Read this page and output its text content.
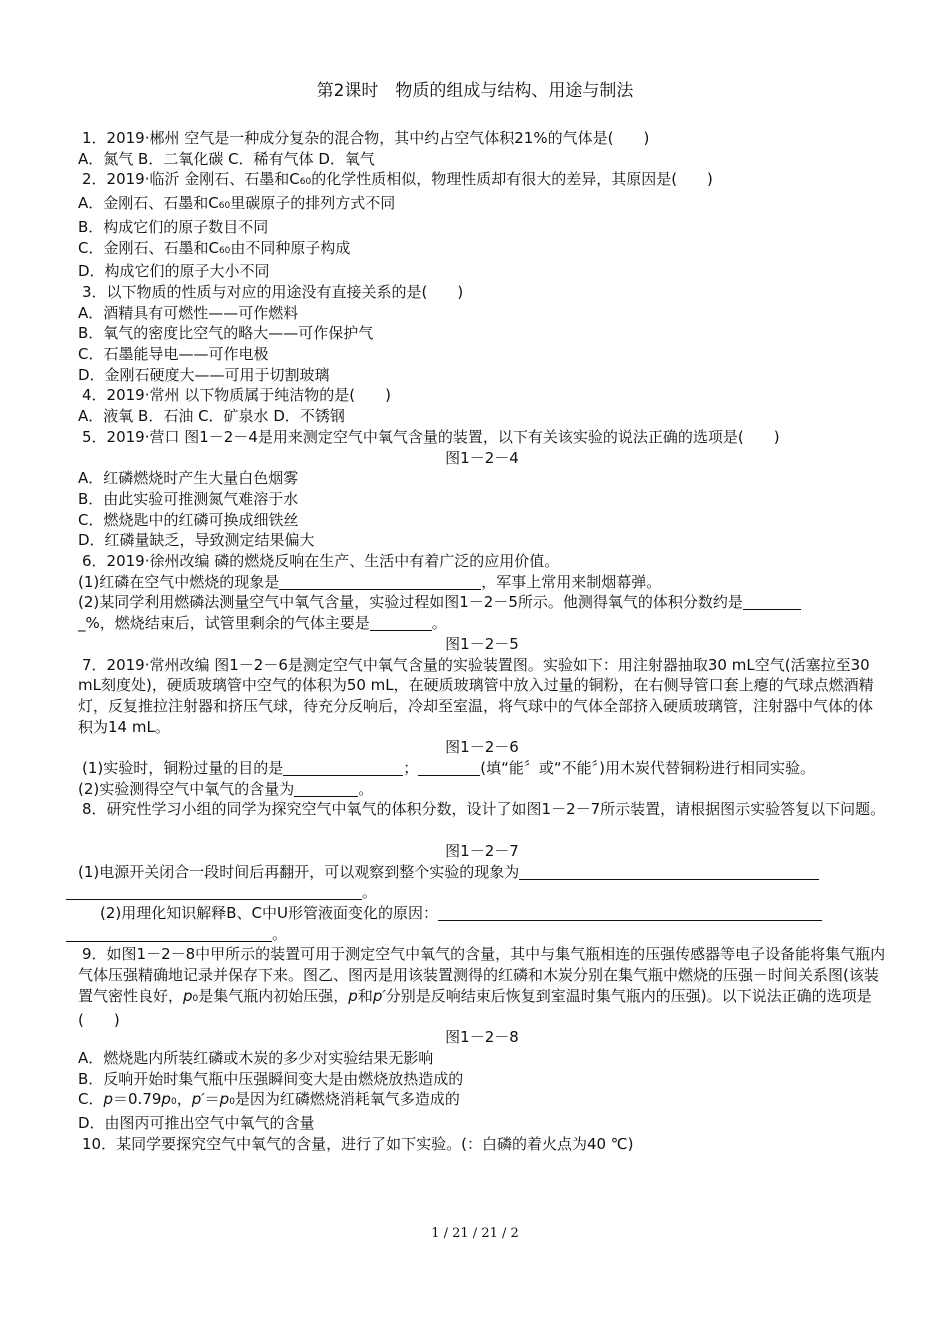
第2课时　物质的组成与结构、用途与制法
1．2019·郴州 空气是一种成分复杂的混合物，其中约占空气体积21%的气体是(　　)
A．氮气 B．二氧化碳 C．稀有气体 D．氧气
2．2019·临沂 金刚石、石墨和C60的化学性质相似，物理性质却有很大的差异，其原因是(　　)
A．金刚石、石墨和C60里碳原子的排列方式不同
B．构成它们的原子数目不同
C．金刚石、石墨和C60由不同种原子构成
D．构成它们的原子大小不同
3．以下物质的性质与对应的用途没有直接关系的是(　　)
A．酒精具有可燃性——可作燃料
B．氧气的密度比空气的略大——可作保护气
C．石墨能导电——可作电极
D．金刚石硬度大——可用于切割玻璃
4．2019·常州 以下物质属于纯洁物的是(　　)
A．液氧 B．石油 C．矿泉水 D．不锈钢
5．2019·营口 图1－2－4是用来测定空气中氧气含量的装置，以下有关该实验的说法正确的选项是(　　)
图1－2－4
A．红磷燃烧时产生大量白色烟雾
B．由此实验可推测氮气难溶于水
C．燃烧匙中的红磷可换成细铁丝
D．红磷量缺乏，导致测定结果偏大
6．2019·徐州改编 磷的燃烧反响在生产、生活中有着广泛的应用价值。
(1)红磷在空气中燃烧的现象是	，军事上常用来制烟幕弹。
(2)某同学利用燃磷法测量空气中氧气含量，实验过程如图1－2－5所示。他测得氧气的体积分数约是
_%，燃烧结束后，试管里剩余的气体主要是	。
图1－2－5
7．2019·常州改编 图1－2－6是测定空气中氧气含量的实验装置图。实验如下：用注射器抽取30 mL空气(活塞拉至30 mL刻度处)，硬质玻璃管中空气的体积为50 mL，在硬质玻璃管中放入过量的铜粉，在右侧导管口套上瘪的气球点燃酒精灯，反复推拉注射器和挤压气球，待充分反响后，冷却至室温，将气球中的气体全部挤入硬质玻璃管，注射器中气体的体积为14 mL。
图1－2－6
(1)实验时，铜粉过量的目的是	；	(填“能〞或“不能〞)用木炭代替铜粉进行相同实验。
(2)实验测得空气中氧气的含量为	。
8．研究性学习小组的同学为探究空气中氧气的体积分数，设计了如图1－2－7所示装置，请根据图示实验答复以下问题。
图1－2－7
(1)电源开关闭合一段时间后再翻开，可以观察到整个实验的现象为
。
(2)用理化知识解释B、C中U形管液面变化的原因：
。
9．如图1－2－8中甲所示的装置可用于测定空气中氧气的含量，其中与集气瓶相连的压强传感器等电子设备能将集气瓶内气体压强精确地记录并保存下来。图乙、图丙是用该装置测得的红磷和木炭分别在集气瓶中燃烧的压强－时间关系图(该装置气密性良好，p0是集气瓶内初始压强，p和p′分别是反响结束后恢复到室温时集气瓶内的压强)。以下说法正确的选项是(　　)
图1－2－8
A．燃烧匙内所装红磷或木炭的多少对实验结果无影响
B．反响开始时集气瓶中压强瞬间变大是由燃烧放热造成的
C．p＝0.79p0，p′＝p0是因为红磷燃烧消耗氧气多造成的
D．由图丙可推出空气中氧气的含量
10．某同学要探究空气中氧气的含量，进行了如下实验。(：白磷的着火点为40 ℃)
1 / 21 / 21 / 2
